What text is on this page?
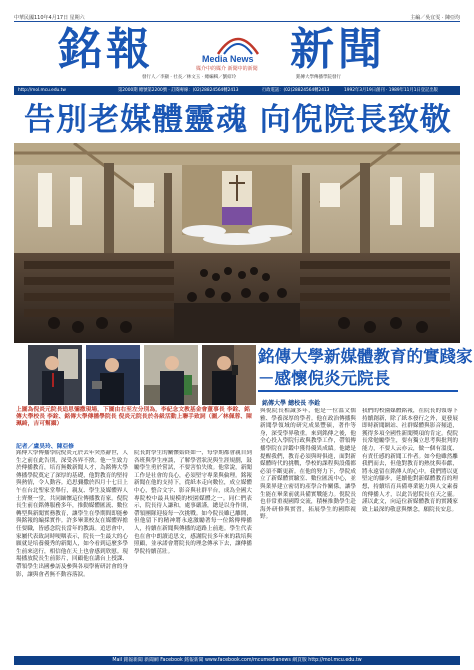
中華民國110年4月17日 星期六	主編／吳宜雯 · 陳亞均
銘報	Media News
媒介中的媒介 新聞中的新聞 新聞
發行人／李顯 · 社長／林文玉 · 總編輯／劉紹玲	銘傳大學傳播學院發行
http://mol.mcu.edu.tw	第2000期 總號第2200號 · 訂閱專線：(02)28824564轉2413	行政電話：(02)28824564轉2413	1992年3月19日創刊 · 1989年11月1日登記出版
告別老媒體靈魂 向倪院長致敬
銘傳大學新媒體教育的實踐家
－感懷倪炎元院長
銘傳大學 總校長 李銓
上圖為倪炎元院長追思彌撒現場，下圖由右至左分別為，李紀念文教基金會董事長 李銓、銘傳大學校長 李銓、銘傳大學傳播學院長 倪炎元院長於各級活動上聯手致詞（圖／林佩蓉、陳珮綺，吉可幫攝）
記者／盧昊玲、陳亞修
銘傳大學傳播學院倪炎元於去年突然辭世，人生之前在此告別，深受各界不捨。他一生致力於傳播教育，培育無數新聞人才，為銘傳大學傳播學院奠定了深厚的基礎，他對教育的堅持與熱情，令人動容。追思彌撒於四月十七日上午在台北聖家堂舉行，親友、學生及媒體界人士齊聚一堂，共同緬懷這位傳播教育家。倪院長生前在銘傳服務多年，推動媒體匯流、數位轉型與新聞實務教育，讓學生在學期間即能參與銘報的編採實作。許多畢業校友在媒體界擔任要職，皆感念院長當年的教誨。追思會中，家屬代表致詞時哽咽表示，院長一生最大的心願就是培養優秀的新聞人，如今看到這麼多學生前來送行，相信他在天上也會感到欣慰。現場播放院長生前影片，回顧他在講台上授課、帶領學生出國參訪及參與各項學術研討會的身影，讓與會者無不動容落淚。
院長對學生的關懷始終如一，每學期都會親自到各班與學生座談，了解學習狀況與生涯規劃，鼓勵學生勇於嘗試，不要害怕失敗。他常說，新聞工作是社會的良心，必須堅守專業與倫理。銘報新聞在他的支持下，從紙本走向數位，成立媒體中心，整合文字、影音與社群平台，成為全國大專院校中最具規模的校園媒體之一。同仁們表示，院長待人謙和，處事嚴謹，總是以身作則，帶領團隊迎接每一次挑戰。如今院長雖已離開，但他留下的精神將永遠激勵著每一位銘傳傳播人，持續在新聞與傳播的道路上前進。學生代表也在會中朗讀追思文，感謝院長多年來的栽培與照顧，並承諾會將院長的理念傳承下去，讓傳播學院持續茁壯。
與倪院長相識多年，他是一位溫文儒雅、學養深厚的學者。他在政治傳播與新聞學領域的研究成果豐碩，著作等身，深受學界敬重。來到銘傳之後，他全心投入學院行政與教學工作，帶領傳播學院在評鑑中獲得優異成績。他總是提醒我們，教育必須與時俱進，面對新媒體時代的挑戰，學校的課程與設備都必須不斷更新。在他的努力下，學院成立了新媒體實驗室、數位匯流中心，並與業界建立密切的產學合作關係，讓學生能在畢業前就具備實戰能力。倪院長也非常重視國際交流，積極推動學生赴海外研修與實習，拓展學生的國際視野。
我們的校園媒體銘報，在院長的領導下持續創新，除了紙本發行之外，更發展即時新聞網站、社群媒體與影音頻道，獲得多項全國性新聞獎項的肯定。倪院長常勉勵學生，要有獨立思考與批判的能力，不要人云亦云，做一個有溫度、有責任感的新聞工作者。如今他雖然離我們而去，但他對教育的熱忱與奉獻，將永遠留在銘傳人的心中。我們將以更堅定的腳步，延續他對新媒體教育的理想，持續培育具備專業能力與人文素養的傳播人才，以此告慰院長在天之靈。謹以此文，向這位新媒體教育的實踐家致上最深的敬意與懷念，願院長安息。
Mail 銘報新聞 新聞網 Facebook 銘報新聞 www.facebook.com/mcumedianews 網頁版 http://mol.mcu.edu.tw
